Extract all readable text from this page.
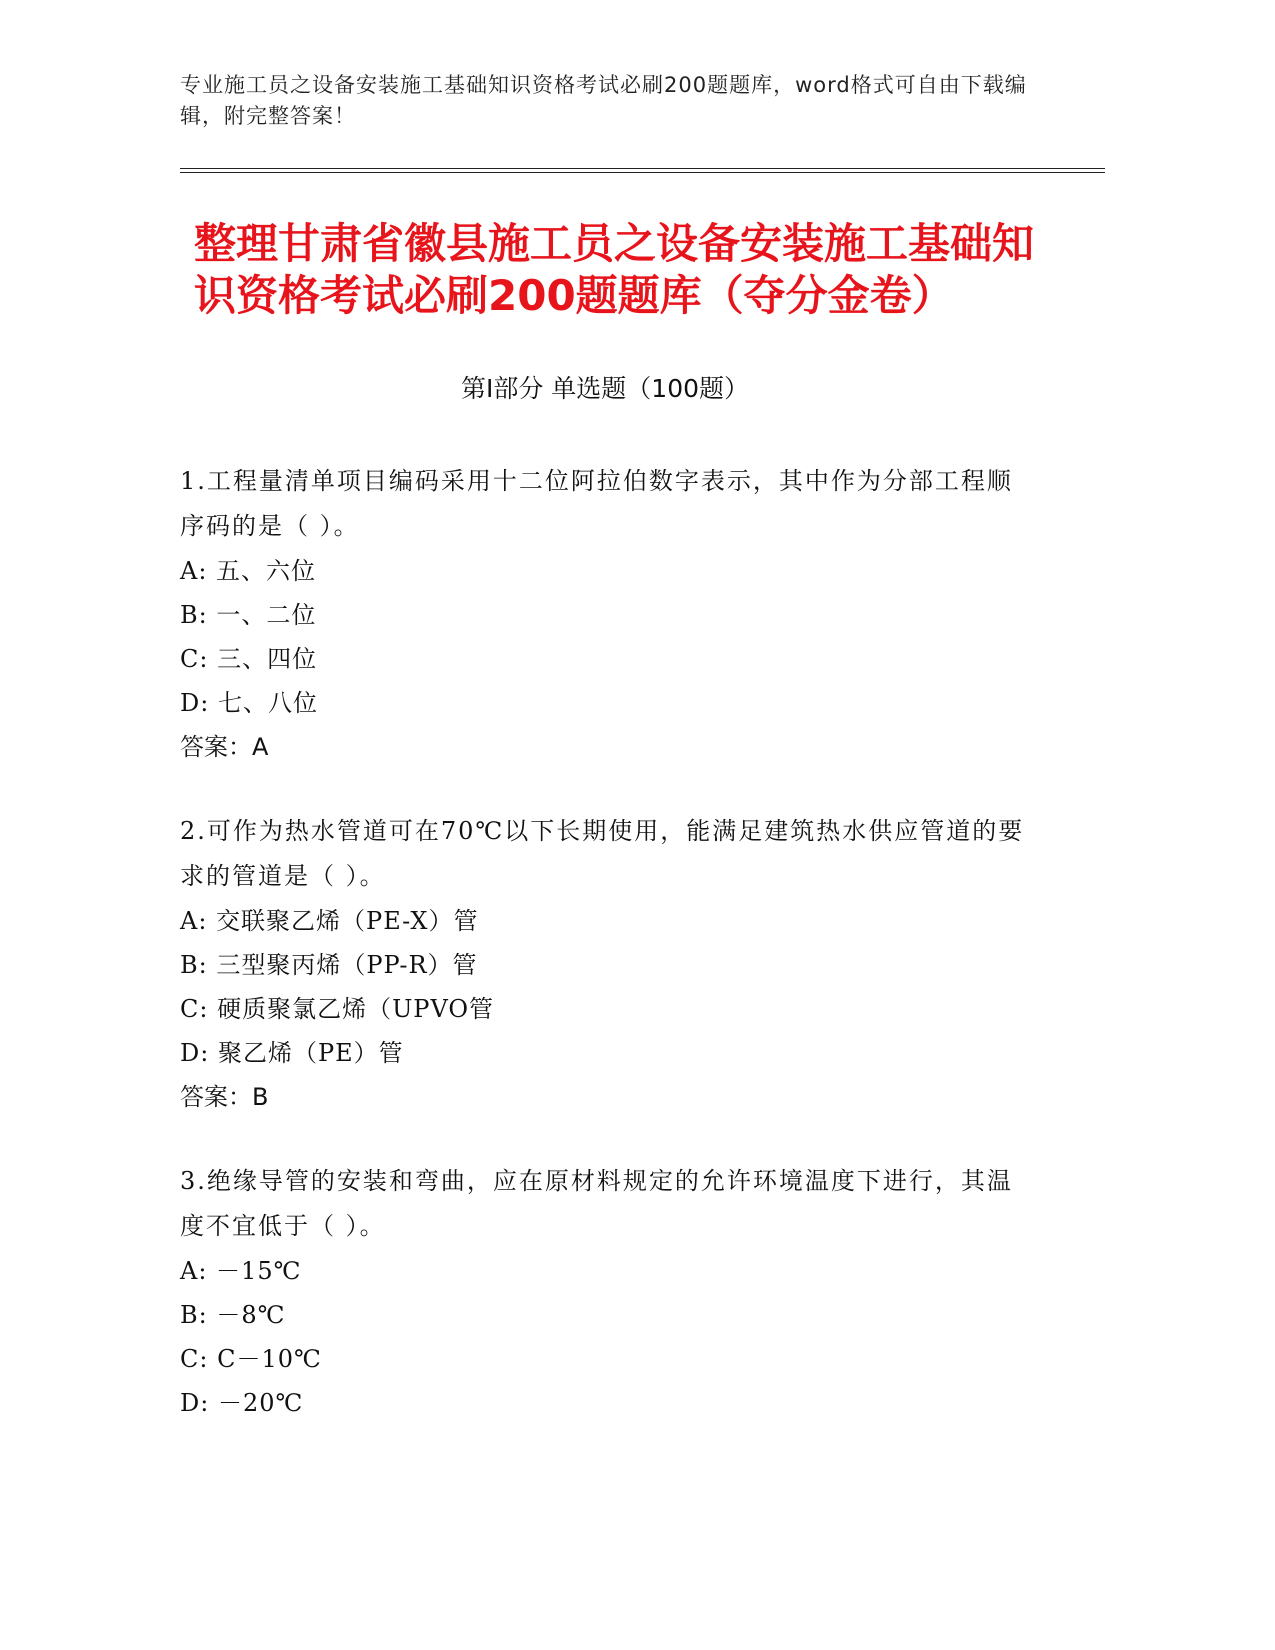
专业施工员之设备安装施工基础知识资格考试必刷200题题库，word格式可自由下载编辑，附完整答案！

整理甘肃省徽县施工员之设备安装施工基础知识资格考试必刷200题题库（夺分金卷）
第Ⅰ部分 单选题（100题）
1.工程量清单项目编码采用十二位阿拉伯数字表示，其中作为分部工程顺序码的是（ ）。
A: 五、六位
B: 一、二位
C: 三、四位
D: 七、八位
答案：A
2.可作为热水管道可在70℃以下长期使用，能满足建筑热水供应管道的要求的管道是（ ）。
A: 交联聚乙烯（PE-X）管
B: 三型聚丙烯（PP-R）管
C: 硬质聚氯乙烯（UPVO管
D: 聚乙烯（PE）管
答案：B
3.绝缘导管的安装和弯曲，应在原材料规定的允许环境温度下进行，其温度不宜低于（ ）。
A: －15℃
B: －8℃
C: C－10℃
D: －20℃
